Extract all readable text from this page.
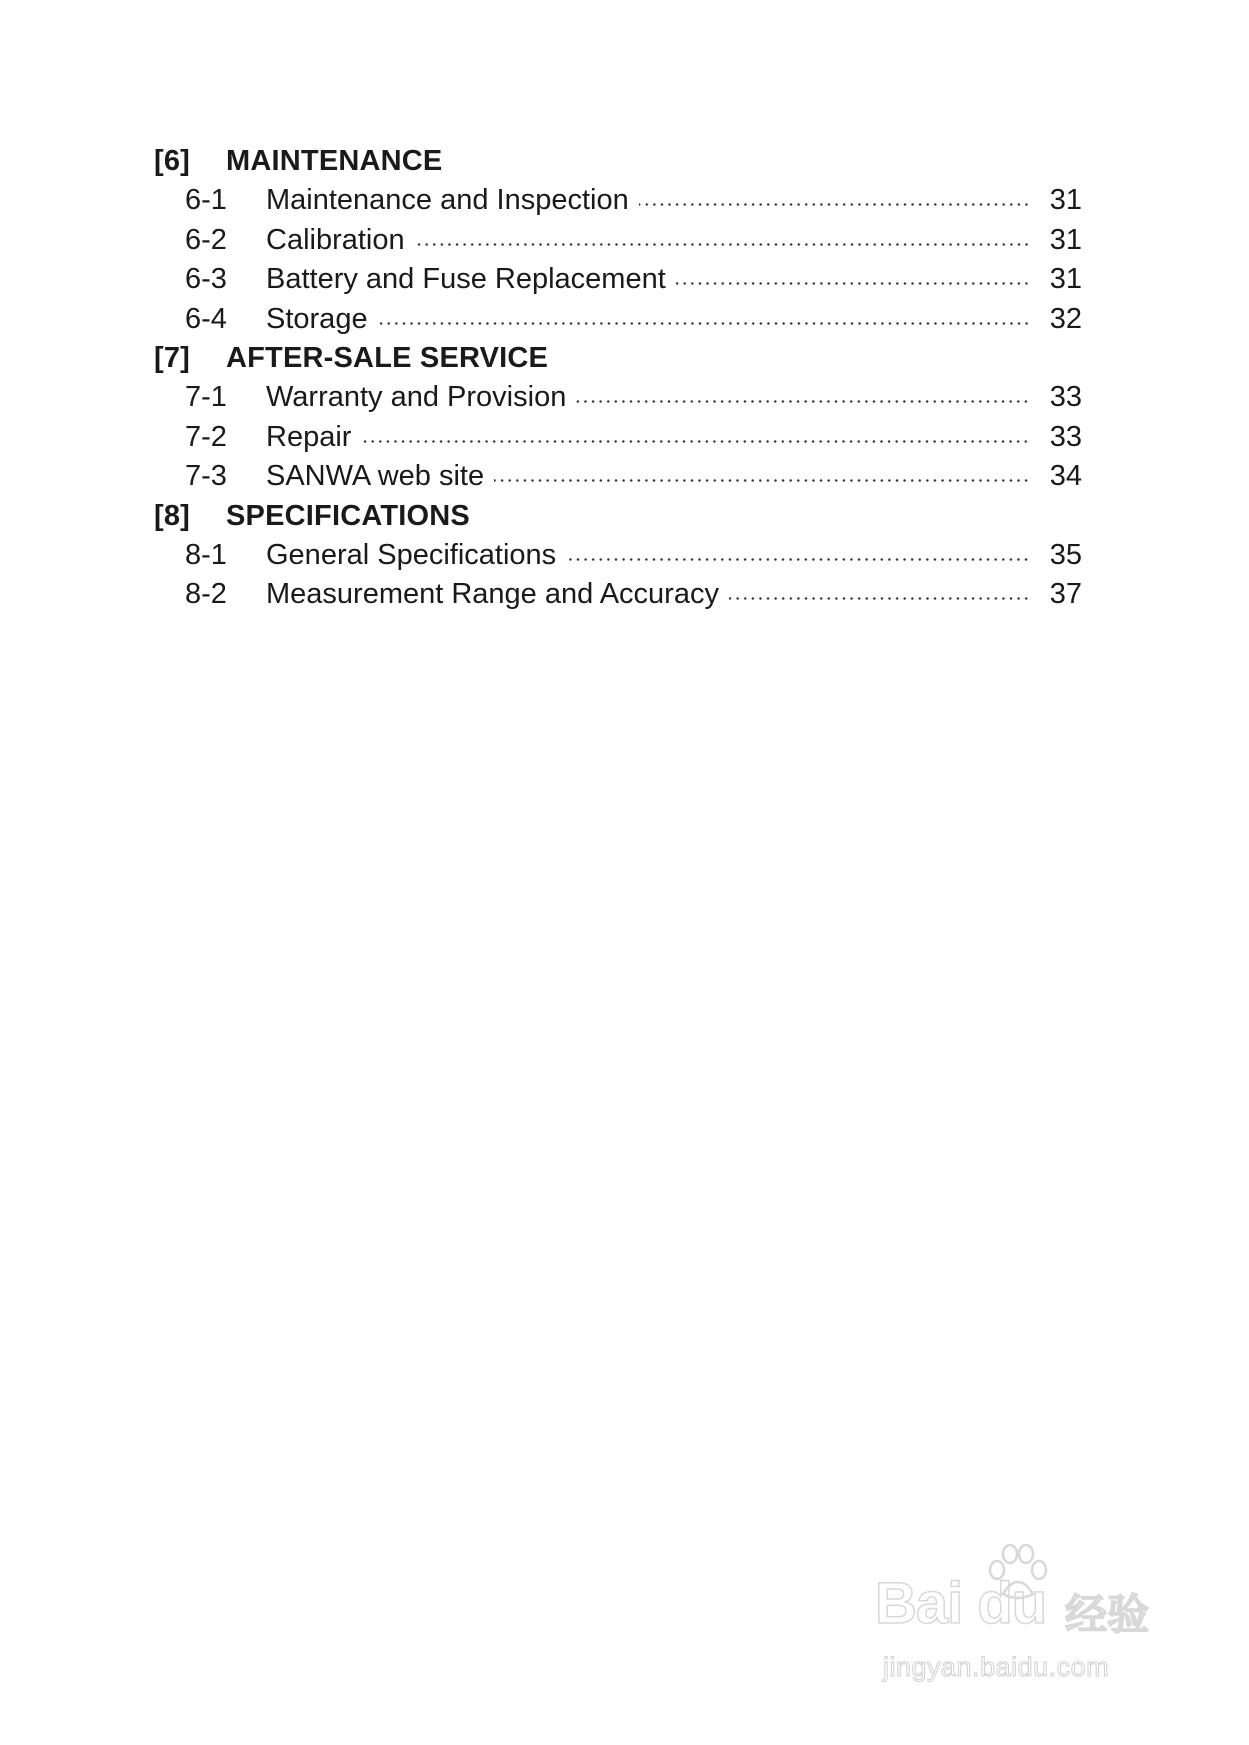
[6]	MAINTENANCE
6-1	Maintenance and Inspection	31
6-2	Calibration	31
6-3	Battery and Fuse Replacement	31
6-4	Storage	32
[7]	AFTER-SALE SERVICE
7-1	Warranty and Provision	33
7-2	Repair	33
7-3	SANWA web site	34
[8]	SPECIFICATIONS
8-1	General Specifications	35
8-2	Measurement Range and Accuracy	37
Bai du 经验
jingyan.baidu.com
